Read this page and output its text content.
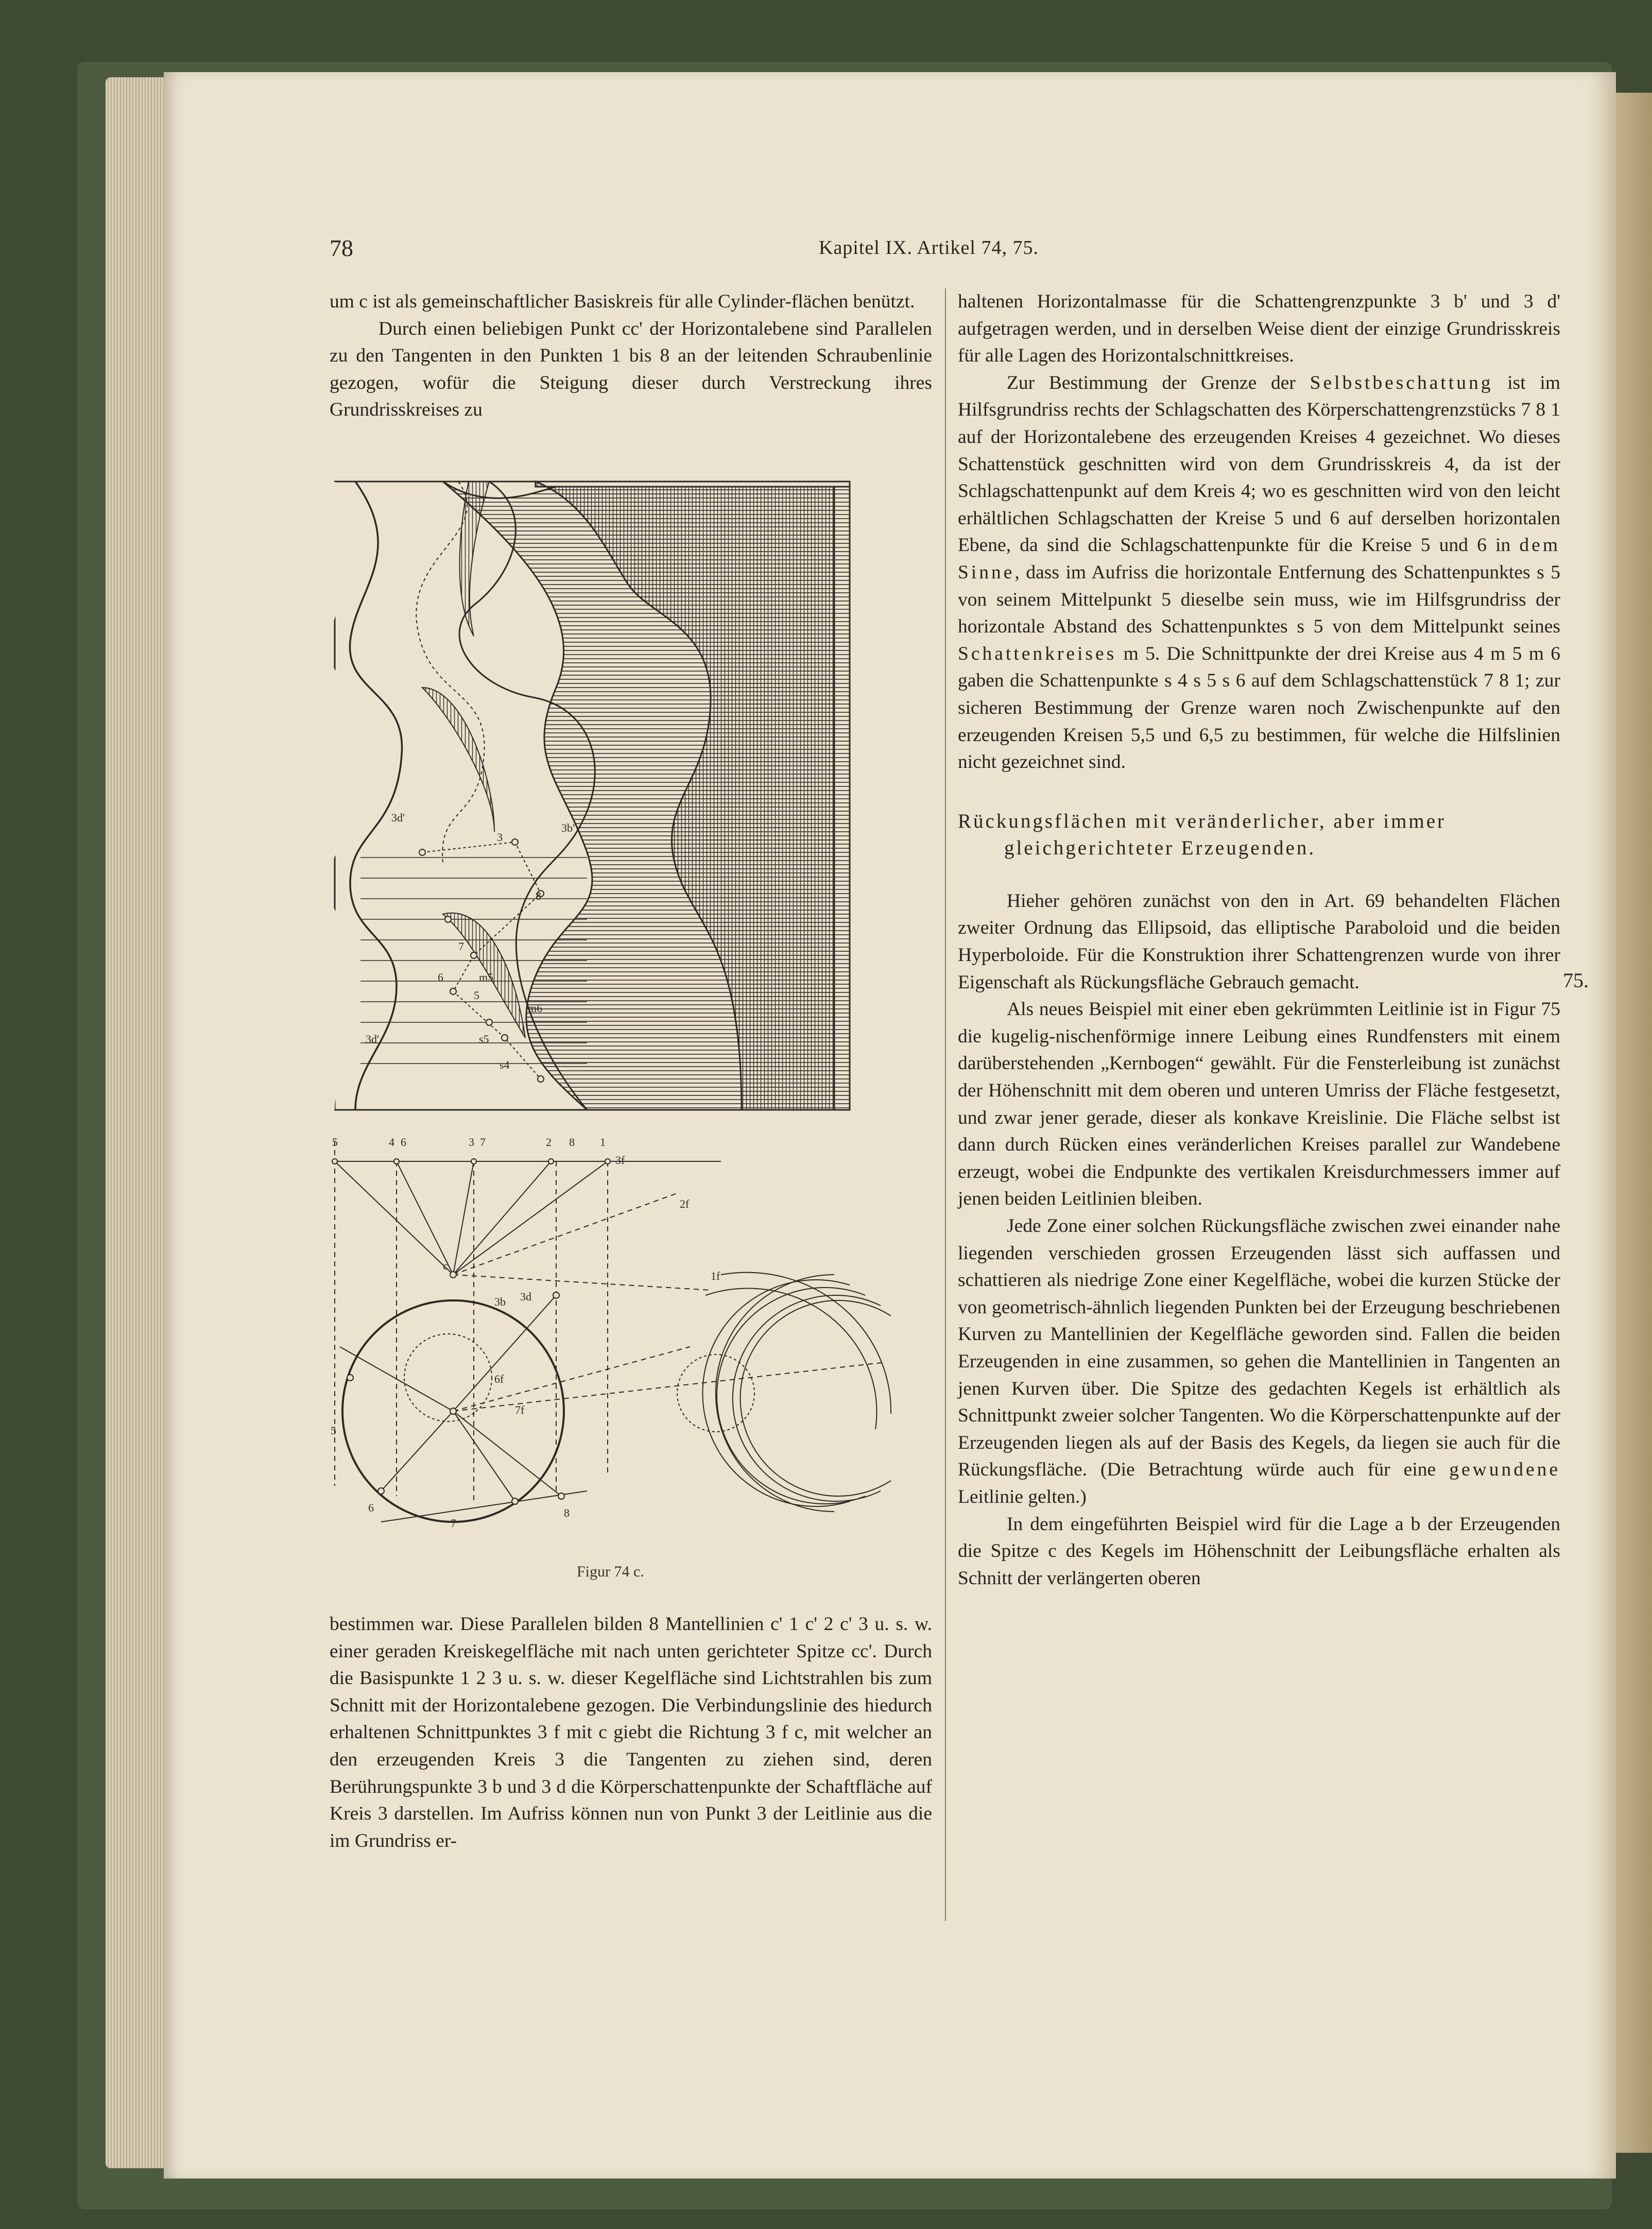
78	Kapitel IX. Artikel 74, 75.

um c ist als gemeinschaftlicher Basiskreis für alle Cylinder-flächen benützt.

Durch einen beliebigen Punkt cc' der Horizontalebene sind Parallelen zu den Tangenten in den Punkten 1 bis 8 an der leitenden Schraubenlinie gezogen, wofür die Steigung dieser durch Verstreckung ihres Grundrisskreises zu

3d'
3b'
3
7
8
5
6	m5
m6
3d'
s4
s5
5	4 6	3 7	2 8 1
3f
2f
3b 3d
c
1f
6f
7f
5
6
7
8
Figur 74 c.

bestimmen war. Diese Parallelen bilden 8 Mantellinien c' 1 c' 2 c' 3 u. s. w. einer geraden Kreiskegelfläche mit nach unten gerichteter Spitze cc'. Durch die Basispunkte 1 2 3 u. s. w. dieser Kegelfläche sind Lichtstrahlen bis zum Schnitt mit der Horizontalebene gezogen. Die Verbindungslinie des hiedurch erhaltenen Schnittpunktes 3 f mit c giebt die Richtung 3 f c, mit welcher an den erzeugenden Kreis 3 die Tangenten zu ziehen sind, deren Berührungspunkte 3 b und 3 d die Körperschattenpunkte der Schaftfläche auf Kreis 3 darstellen. Im Aufriss können nun von Punkt 3 der Leitlinie aus die im Grundriss er-

haltenen Horizontalmasse für die Schattengrenzpunkte 3 b' und 3 d' aufgetragen werden, und in derselben Weise dient der einzige Grundrisskreis für alle Lagen des Horizontalschnittkreises.

Zur Bestimmung der Grenze der Selbstbeschattung ist im Hilfsgrundriss rechts der Schlagschatten des Körperschattengrenzstücks 7 8 1 auf der Horizontalebene des erzeugenden Kreises 4 gezeichnet. Wo dieses Schattenstück geschnitten wird von dem Grundrisskreis 4, da ist der Schlagschattenpunkt auf dem Kreis 4; wo es geschnitten wird von den leicht erhältlichen Schlagschatten der Kreise 5 und 6 auf derselben horizontalen Ebene, da sind die Schlagschattenpunkte für die Kreise 5 und 6 in dem Sinne, dass im Aufriss die horizontale Entfernung des Schattenpunktes s 5 von seinem Mittelpunkt 5 dieselbe sein muss, wie im Hilfsgrundriss der horizontale Abstand des Schattenpunktes s 5 von dem Mittelpunkt seines Schattenkreises m 5. Die Schnittpunkte der drei Kreise aus 4 m 5 m 6 gaben die Schattenpunkte s 4 s 5 s 6 auf dem Schlagschattenstück 7 8 1; zur sicheren Bestimmung der Grenze waren noch Zwischenpunkte auf den erzeugenden Kreisen 5,5 und 6,5 zu bestimmen, für welche die Hilfslinien nicht gezeichnet sind.

Rückungsflächen mit veränderlicher, aber immer

gleichgerichteter Erzeugenden.

Hieher gehören zunächst von den in Art. 69 behandelten Flächen zweiter Ordnung das Ellipsoid, das elliptische Paraboloid und die beiden Hyperboloide. Für die Konstruktion ihrer Schattengrenzen wurde von ihrer Eigenschaft als Rückungsfläche Gebrauch gemacht.

Als neues Beispiel mit einer eben gekrümmten Leitlinie ist in Figur 75 die kugelig-nischenförmige innere Leibung eines Rundfensters mit einem darüberstehenden „Kernbogen“ gewählt. Für die Fensterleibung ist zunächst der Höhenschnitt mit dem oberen und unteren Umriss der Fläche festgesetzt, und zwar jener gerade, dieser als konkave Kreislinie. Die Fläche selbst ist dann durch Rücken eines veränderlichen Kreises parallel zur Wandebene erzeugt, wobei die Endpunkte des vertikalen Kreisdurchmessers immer auf jenen beiden Leitlinien bleiben.

Jede Zone einer solchen Rückungsfläche zwischen zwei einander nahe liegenden verschieden grossen Erzeugenden lässt sich auffassen und schattieren als niedrige Zone einer Kegelfläche, wobei die kurzen Stücke der von geometrisch-ähnlich liegenden Punkten bei der Erzeugung beschriebenen Kurven zu Mantellinien der Kegelfläche geworden sind. Fallen die beiden Erzeugenden in eine zusammen, so gehen die Mantellinien in Tangenten an jenen Kurven über. Die Spitze des gedachten Kegels ist erhältlich als Schnittpunkt zweier solcher Tangenten. Wo die Körperschattenpunkte auf der Erzeugenden liegen als auf der Basis des Kegels, da liegen sie auch für die Rückungsfläche. (Die Betrachtung würde auch für eine gewundene Leitlinie gelten.)

In dem eingeführten Beispiel wird für die Lage a b der Erzeugenden die Spitze c des Kegels im Höhenschnitt der Leibungsfläche erhalten als Schnitt der verlängerten oberen

75.
